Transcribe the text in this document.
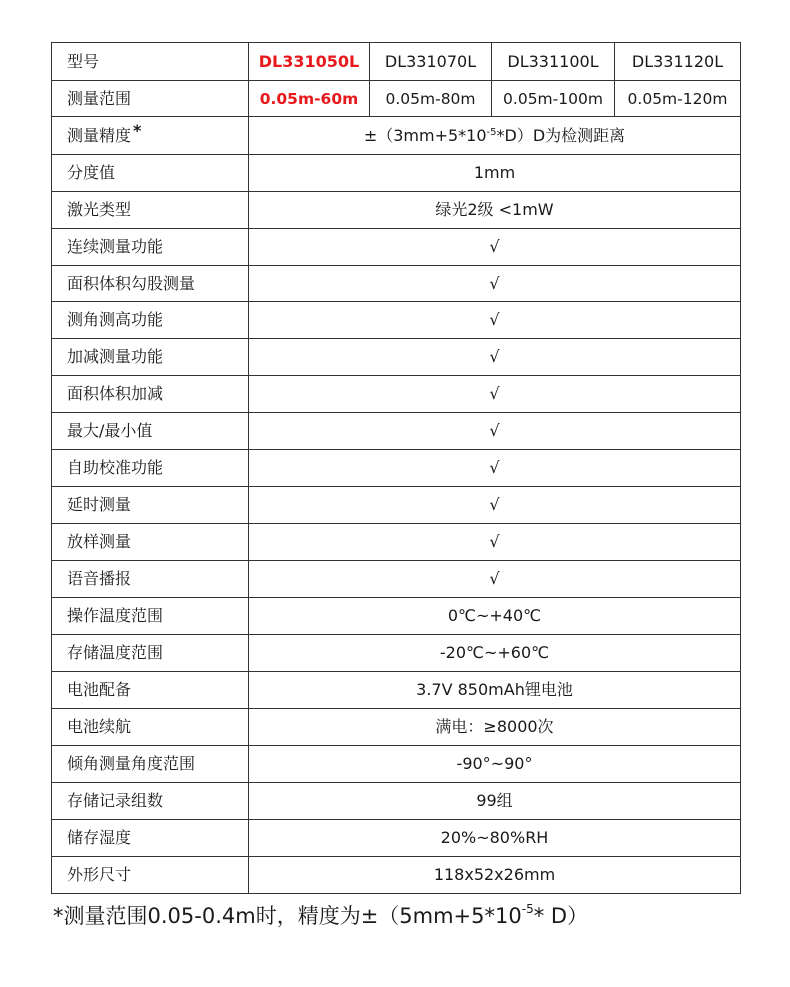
型号	DL331050L	DL331070L	DL331100L	DL331120L
测量范围	0.05m-60m	0.05m-80m	0.05m-100m	0.05m-120m
测量精度 *	$\pm(3mm+5*10^{-5}*D)D$为检测距离			
分度值	1mm			
激光类型	绿光2级 <1mW			
连续测量功能	√			
面积体积勾股测量	√			
测角测高功能	√			
加减测量功能	√			
面积体积加减	√			
最大/最小值	√			
自助校准功能	√			
延时测量	√			
放样测量	√			
语音播报	√			
操作温度范围	0℃~+40℃			
存储温度范围	-20℃~+60℃			
电池配备	3.7V 850mAh锂电池			
电池续航	满电：≥8000次			
倾角测量角度范围	-90°~90°			
存储记录组数	99组			
储存湿度	20%~80%RH			
外形尺寸	118x52x26mm			
*测量范围0.05-0.4m时，精度为$\pm(5mm+5*10^{-5}*$ D）
